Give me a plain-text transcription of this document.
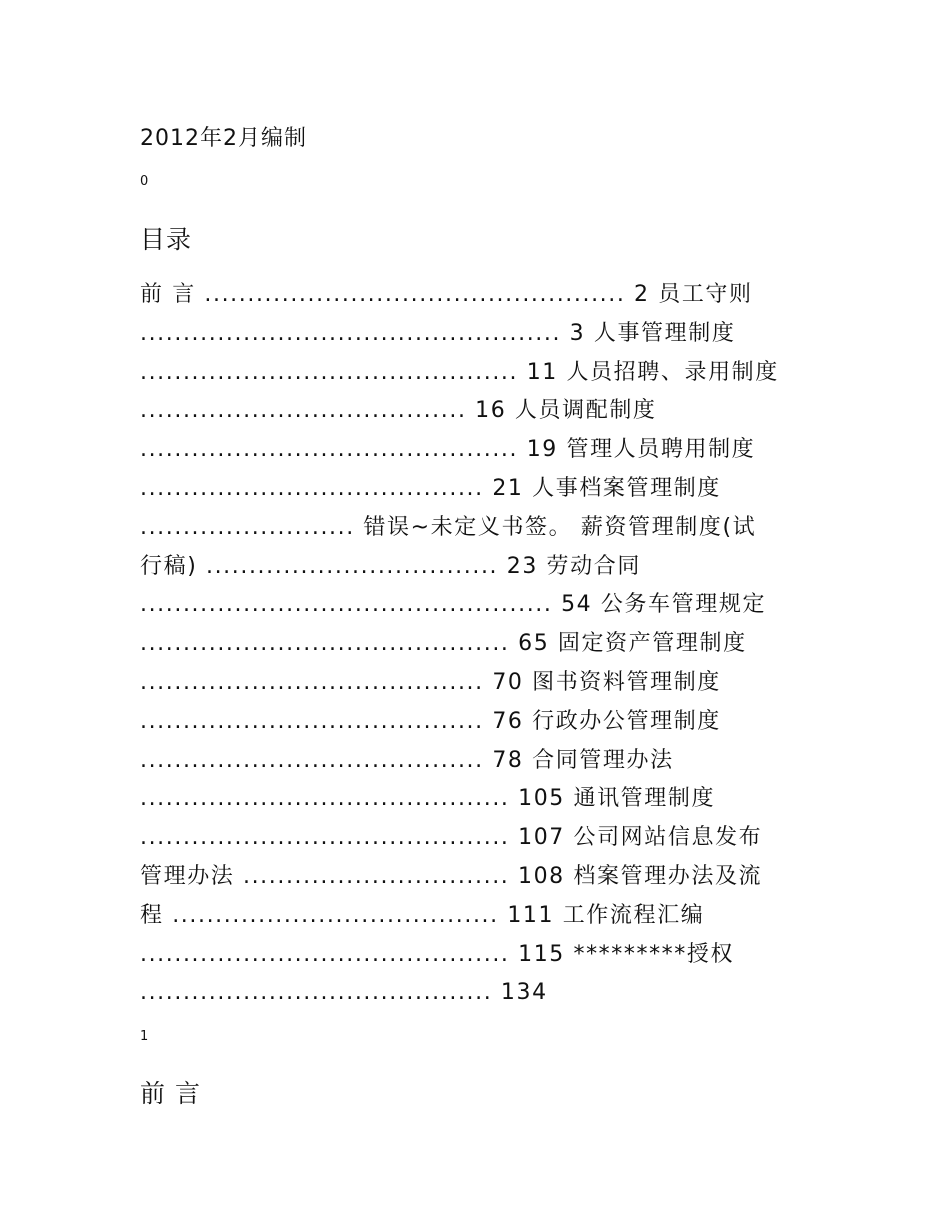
2012年2月编制
0
目录
前 言 ................................................. 2 员工守则
................................................. 3 人事管理制度
............................................ 11 人员招聘、录用制度
...................................... 16 人员调配制度
............................................ 19 管理人员聘用制度
........................................ 21 人事档案管理制度
......................... 错误~未定义书签。 薪资管理制度(试
行稿) .................................. 23 劳动合同
................................................ 54 公务车管理规定
........................................... 65 固定资产管理制度
........................................ 70 图书资料管理制度
........................................ 76 行政办公管理制度
........................................ 78 合同管理办法
........................................... 105 通讯管理制度
........................................... 107 公司网站信息发布
管理办法 ............................... 108 档案管理办法及流
程 ...................................... 111 工作流程汇编
........................................... 115 *********授权
......................................... 134
1
前 言
